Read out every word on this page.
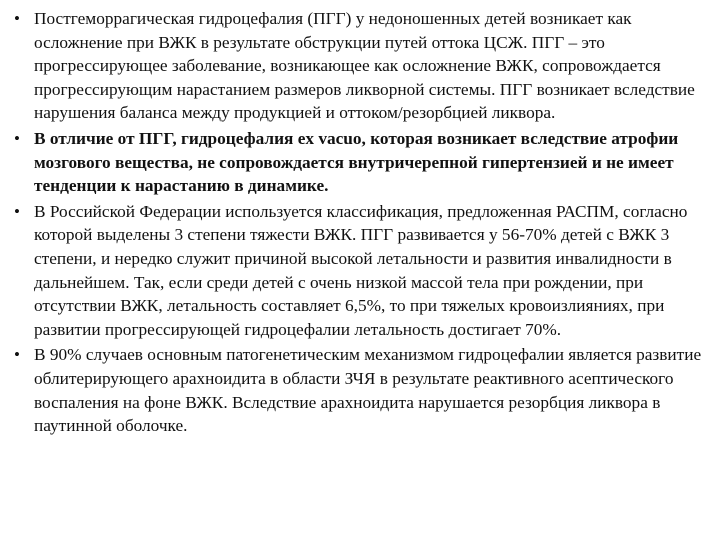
• Постгеморрагическая гидроцефалия (ПГГ) у недоношенных детей возникает как осложнение при ВЖК в результате обструкции путей оттока ЦСЖ. ПГГ – это прогрессирующее заболевание, возникающее как осложнение ВЖК, сопровождается прогрессирующим нарастанием размеров ликворной системы. ПГГ возникает вследствие нарушения баланса между продукцией и оттоком/резорбцией ликвора.
• В отличие от ПГГ, гидроцефалия ex vacuo, которая возникает вследствие атрофии мозгового вещества, не сопровождается внутричерепной гипертензией и не имеет тенденции к нарастанию в динамике.
• В Российской Федерации используется классификация, предложенная РАСПМ, согласно которой выделены 3 степени тяжести ВЖК. ПГГ развивается у 56-70% детей с ВЖК 3 степени, и нередко служит причиной высокой летальности и развития инвалидности в дальнейшем. Так, если среди детей с очень низкой массой тела при рождении, при отсутствии ВЖК, летальность составляет 6,5%, то при тяжелых кровоизлияниях, при развитии прогрессирующей гидроцефалии летальность достигает 70%.
• В 90% случаев основным патогенетическим механизмом гидроцефалии является развитие облитерирующего арахноидита в области ЗЧЯ в результате реактивного асептического воспаления на фоне ВЖК. Вследствие арахноидита нарушается резорбция ликвора в паутинной оболочке.
